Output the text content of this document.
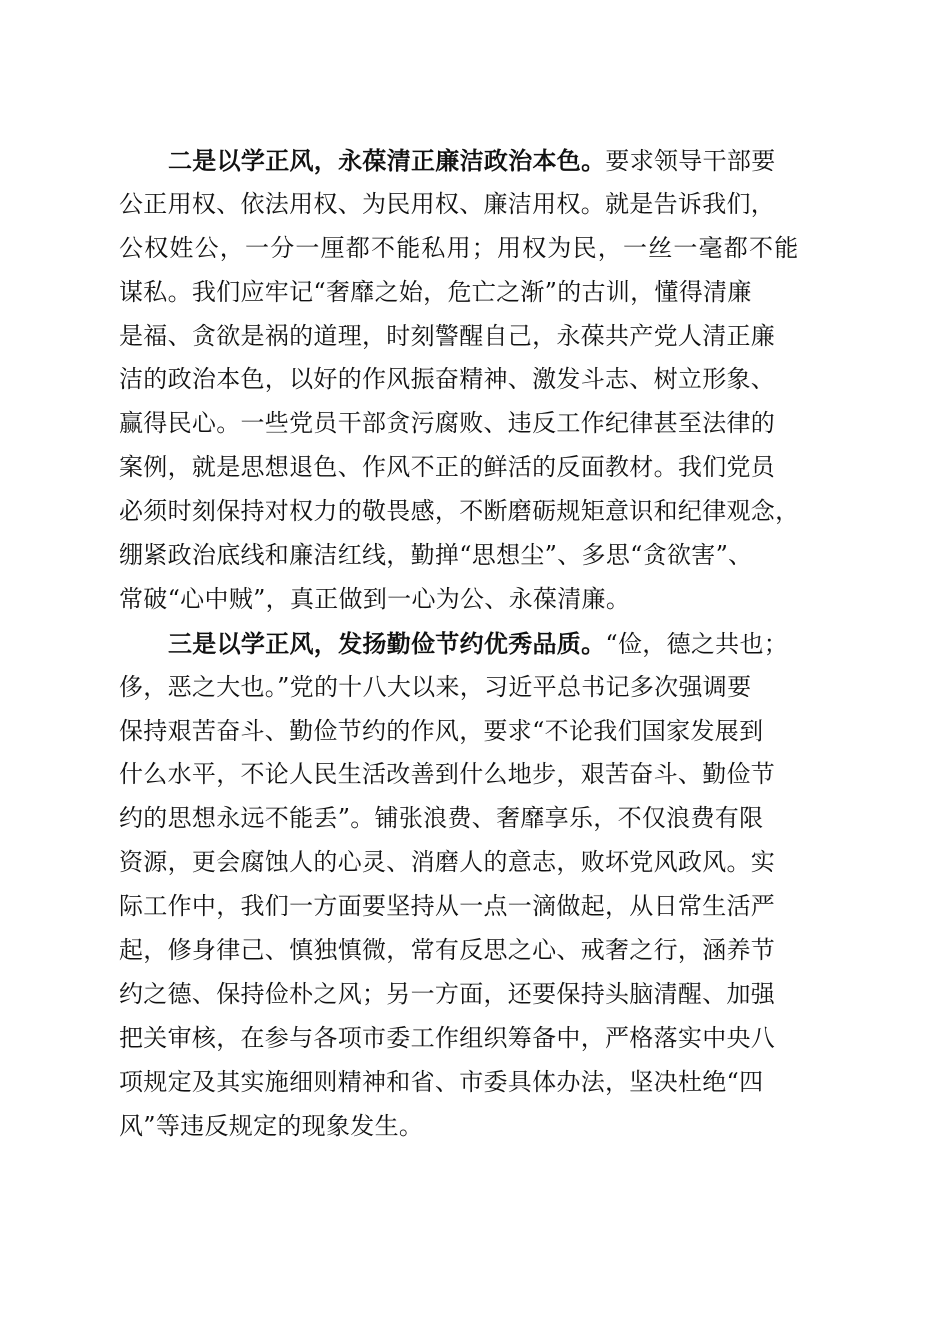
二是以学正风，永葆清正廉洁政治本色。要求领导干部要
公正用权、依法用权、为民用权、廉洁用权。就是告诉我们，
公权姓公，一分一厘都不能私用；用权为民，一丝一毫都不能
谋私。我们应牢记“奢靡之始，危亡之渐”的古训，懂得清廉
是福、贪欲是祸的道理，时刻警醒自己，永葆共产党人清正廉
洁的政治本色，以好的作风振奋精神、激发斗志、树立形象、
赢得民心。一些党员干部贪污腐败、违反工作纪律甚至法律的
案例，就是思想退色、作风不正的鲜活的反面教材。我们党员
必须时刻保持对权力的敬畏感，不断磨砺规矩意识和纪律观念，
绷紧政治底线和廉洁红线，勤掸“思想尘”、多思“贪欲害”、
常破“心中贼”，真正做到一心为公、永葆清廉。
三是以学正风，发扬勤俭节约优秀品质。“俭，德之共也；
侈，恶之大也。”党的十八大以来，习近平总书记多次强调要
保持艰苦奋斗、勤俭节约的作风，要求“不论我们国家发展到
什么水平，不论人民生活改善到什么地步，艰苦奋斗、勤俭节
约的思想永远不能丢”。铺张浪费、奢靡享乐，不仅浪费有限
资源，更会腐蚀人的心灵、消磨人的意志，败坏党风政风。实
际工作中，我们一方面要坚持从一点一滴做起，从日常生活严
起，修身律己、慎独慎微，常有反思之心、戒奢之行，涵养节
约之德、保持俭朴之风；另一方面，还要保持头脑清醒、加强
把关审核，在参与各项市委工作组织筹备中，严格落实中央八
项规定及其实施细则精神和省、市委具体办法，坚决杜绝“四
风”等违反规定的现象发生。
